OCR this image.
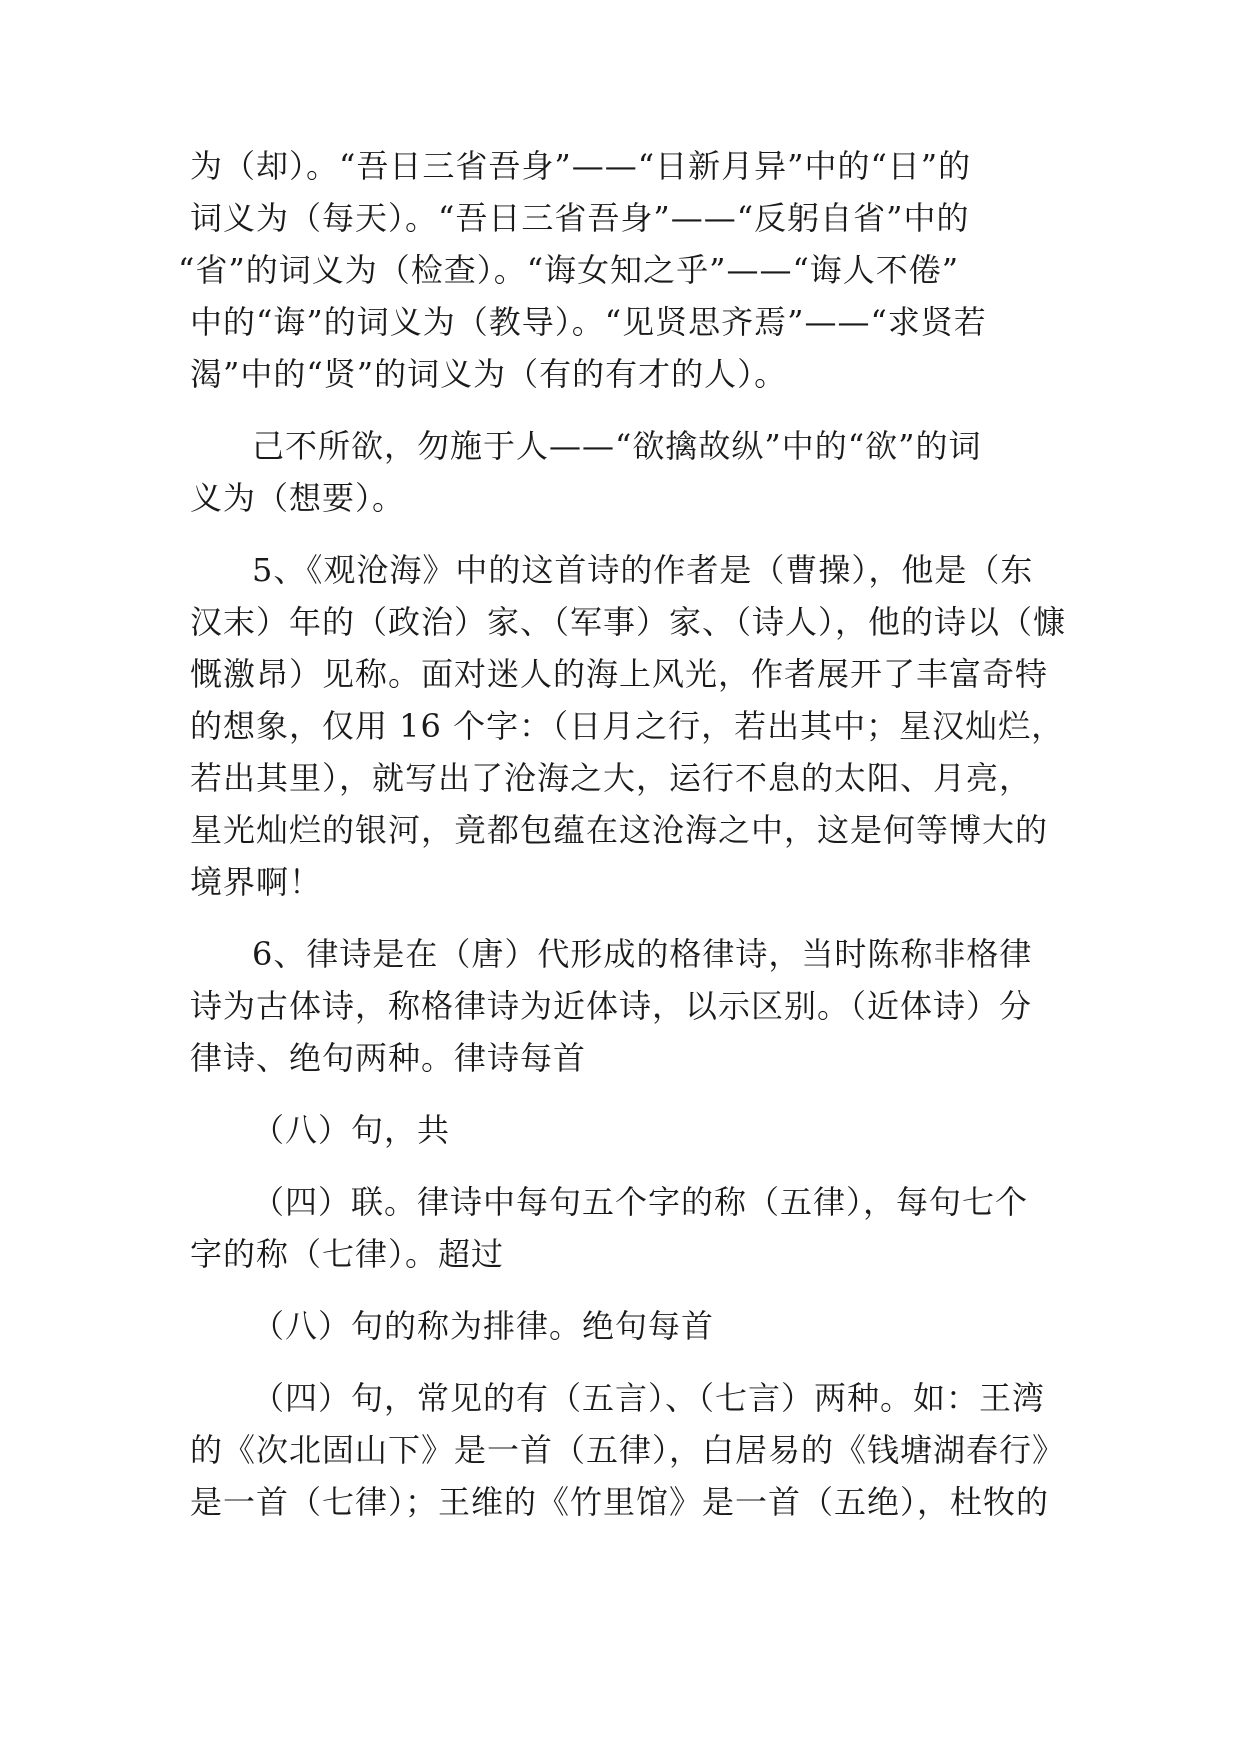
为（却）。“吾日三省吾身”——“日新月异”中的“日”的
词义为（每天）。“吾日三省吾身”——“反躬自省”中的
“省”的词义为（检查）。“诲女知之乎”——“诲人不倦”
中的“诲”的词义为（教导）。“见贤思齐焉”——“求贤若
渴”中的“贤”的词义为（有的有才的人）。
己不所欲，勿施于人——“欲擒故纵”中的“欲”的词
义为（想要）。
5、《观沧海》中的这首诗的作者是（曹操），他是（东
汉末）年的（政治）家、（军事）家、（诗人），他的诗以（慷
慨激昂）见称。面对迷人的海上风光，作者展开了丰富奇特
的想象，仅用 16 个字：（日月之行，若出其中；星汉灿烂，
若出其里），就写出了沧海之大，运行不息的太阳、月亮，
星光灿烂的银河，竟都包蕴在这沧海之中，这是何等博大的
境界啊！
6、律诗是在（唐）代形成的格律诗，当时陈称非格律
诗为古体诗，称格律诗为近体诗，以示区别。（近体诗）分
律诗、绝句两种。律诗每首
（八）句，共
（四）联。律诗中每句五个字的称（五律），每句七个
字的称（七律）。超过
（八）句的称为排律。绝句每首
（四）句，常见的有（五言）、（七言）两种。如：王湾
的《次北固山下》是一首（五律），白居易的《钱塘湖春行》
是一首（七律）；王维的《竹里馆》是一首（五绝），杜牧的
